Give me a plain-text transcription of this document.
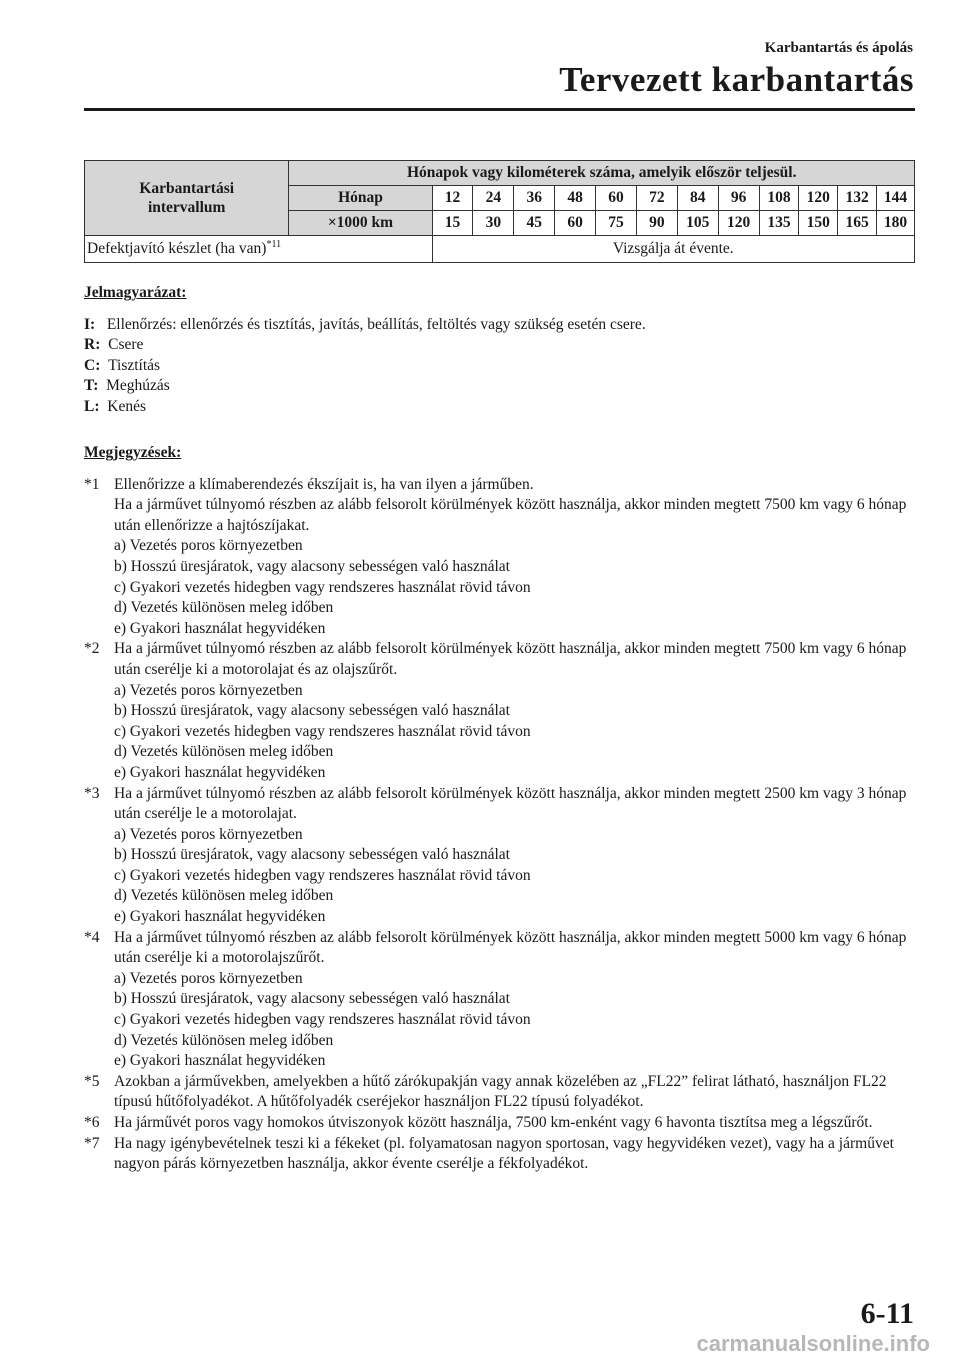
Karbantartás és ápolás
Tervezett karbantartás
Karbantartási
intervallum	Hónapok vagy kilométerek száma, amelyik először teljesül.												
	Hónap	12	24	36	48	60	72	84	96	108	120	132	144
	×1000 km	15	30	45	60	75	90	105	120	135	150	165	180
Defektjavító készlet (ha van)$^{*11}$		Vizsgálja át évente.											
Jelmagyarázat:
I: Ellenőrzés: ellenőrzés és tisztítás, javítás, beállítás, feltöltés vagy szükség esetén csere.
R: Csere
C: Tisztítás
T: Meghúzás
L: Kenés
Megjegyzések:
*1 Ellenőrizze a klímaberendezés ékszíjait is, ha van ilyen a járműben.
Ha a járművet túlnyomó részben az alább felsorolt körülmények között használja, akkor minden megtett 7500 km vagy 6 hónap után ellenőrizze a hajtószíjakat.
a) Vezetés poros környezetben
b) Hosszú üresjáratok, vagy alacsony sebességen való használat
c) Gyakori vezetés hidegben vagy rendszeres használat rövid távon
d) Vezetés különösen meleg időben
e) Gyakori használat hegyvidéken
*2 Ha a járművet túlnyomó részben az alább felsorolt körülmények között használja, akkor minden megtett 7500 km vagy 6 hónap után cserélje ki a motorolajat és az olajszűrőt.
a) Vezetés poros környezetben
b) Hosszú üresjáratok, vagy alacsony sebességen való használat
c) Gyakori vezetés hidegben vagy rendszeres használat rövid távon
d) Vezetés különösen meleg időben
e) Gyakori használat hegyvidéken
*3 Ha a járművet túlnyomó részben az alább felsorolt körülmények között használja, akkor minden megtett 2500 km vagy 3 hónap után cserélje le a motorolajat.
a) Vezetés poros környezetben
b) Hosszú üresjáratok, vagy alacsony sebességen való használat
c) Gyakori vezetés hidegben vagy rendszeres használat rövid távon
d) Vezetés különösen meleg időben
e) Gyakori használat hegyvidéken
*4 Ha a járművet túlnyomó részben az alább felsorolt körülmények között használja, akkor minden megtett 5000 km vagy 6 hónap után cserélje ki a motorolajszűrőt.
a) Vezetés poros környezetben
b) Hosszú üresjáratok, vagy alacsony sebességen való használat
c) Gyakori vezetés hidegben vagy rendszeres használat rövid távon
d) Vezetés különösen meleg időben
e) Gyakori használat hegyvidéken
*5 Azokban a járművekben, amelyekben a hűtő zárókupakján vagy annak közelében az „FL22” felirat látható, használjon FL22 típusú hűtőfolyadékot. A hűtőfolyadék cseréjekor használjon FL22 típusú folyadékot.
*6 Ha járművét poros vagy homokos útviszonyok között használja, 7500 km-enként vagy 6 havonta tisztítsa meg a légszűrőt.
*7 Ha nagy igénybevételnek teszi ki a fékeket (pl. folyamatosan nagyon sportosan, vagy hegyvidéken vezet), vagy ha a járművet nagyon párás környezetben használja, akkor évente cserélje a fékfolyadékot.
6-11
carmanualsonline.info
